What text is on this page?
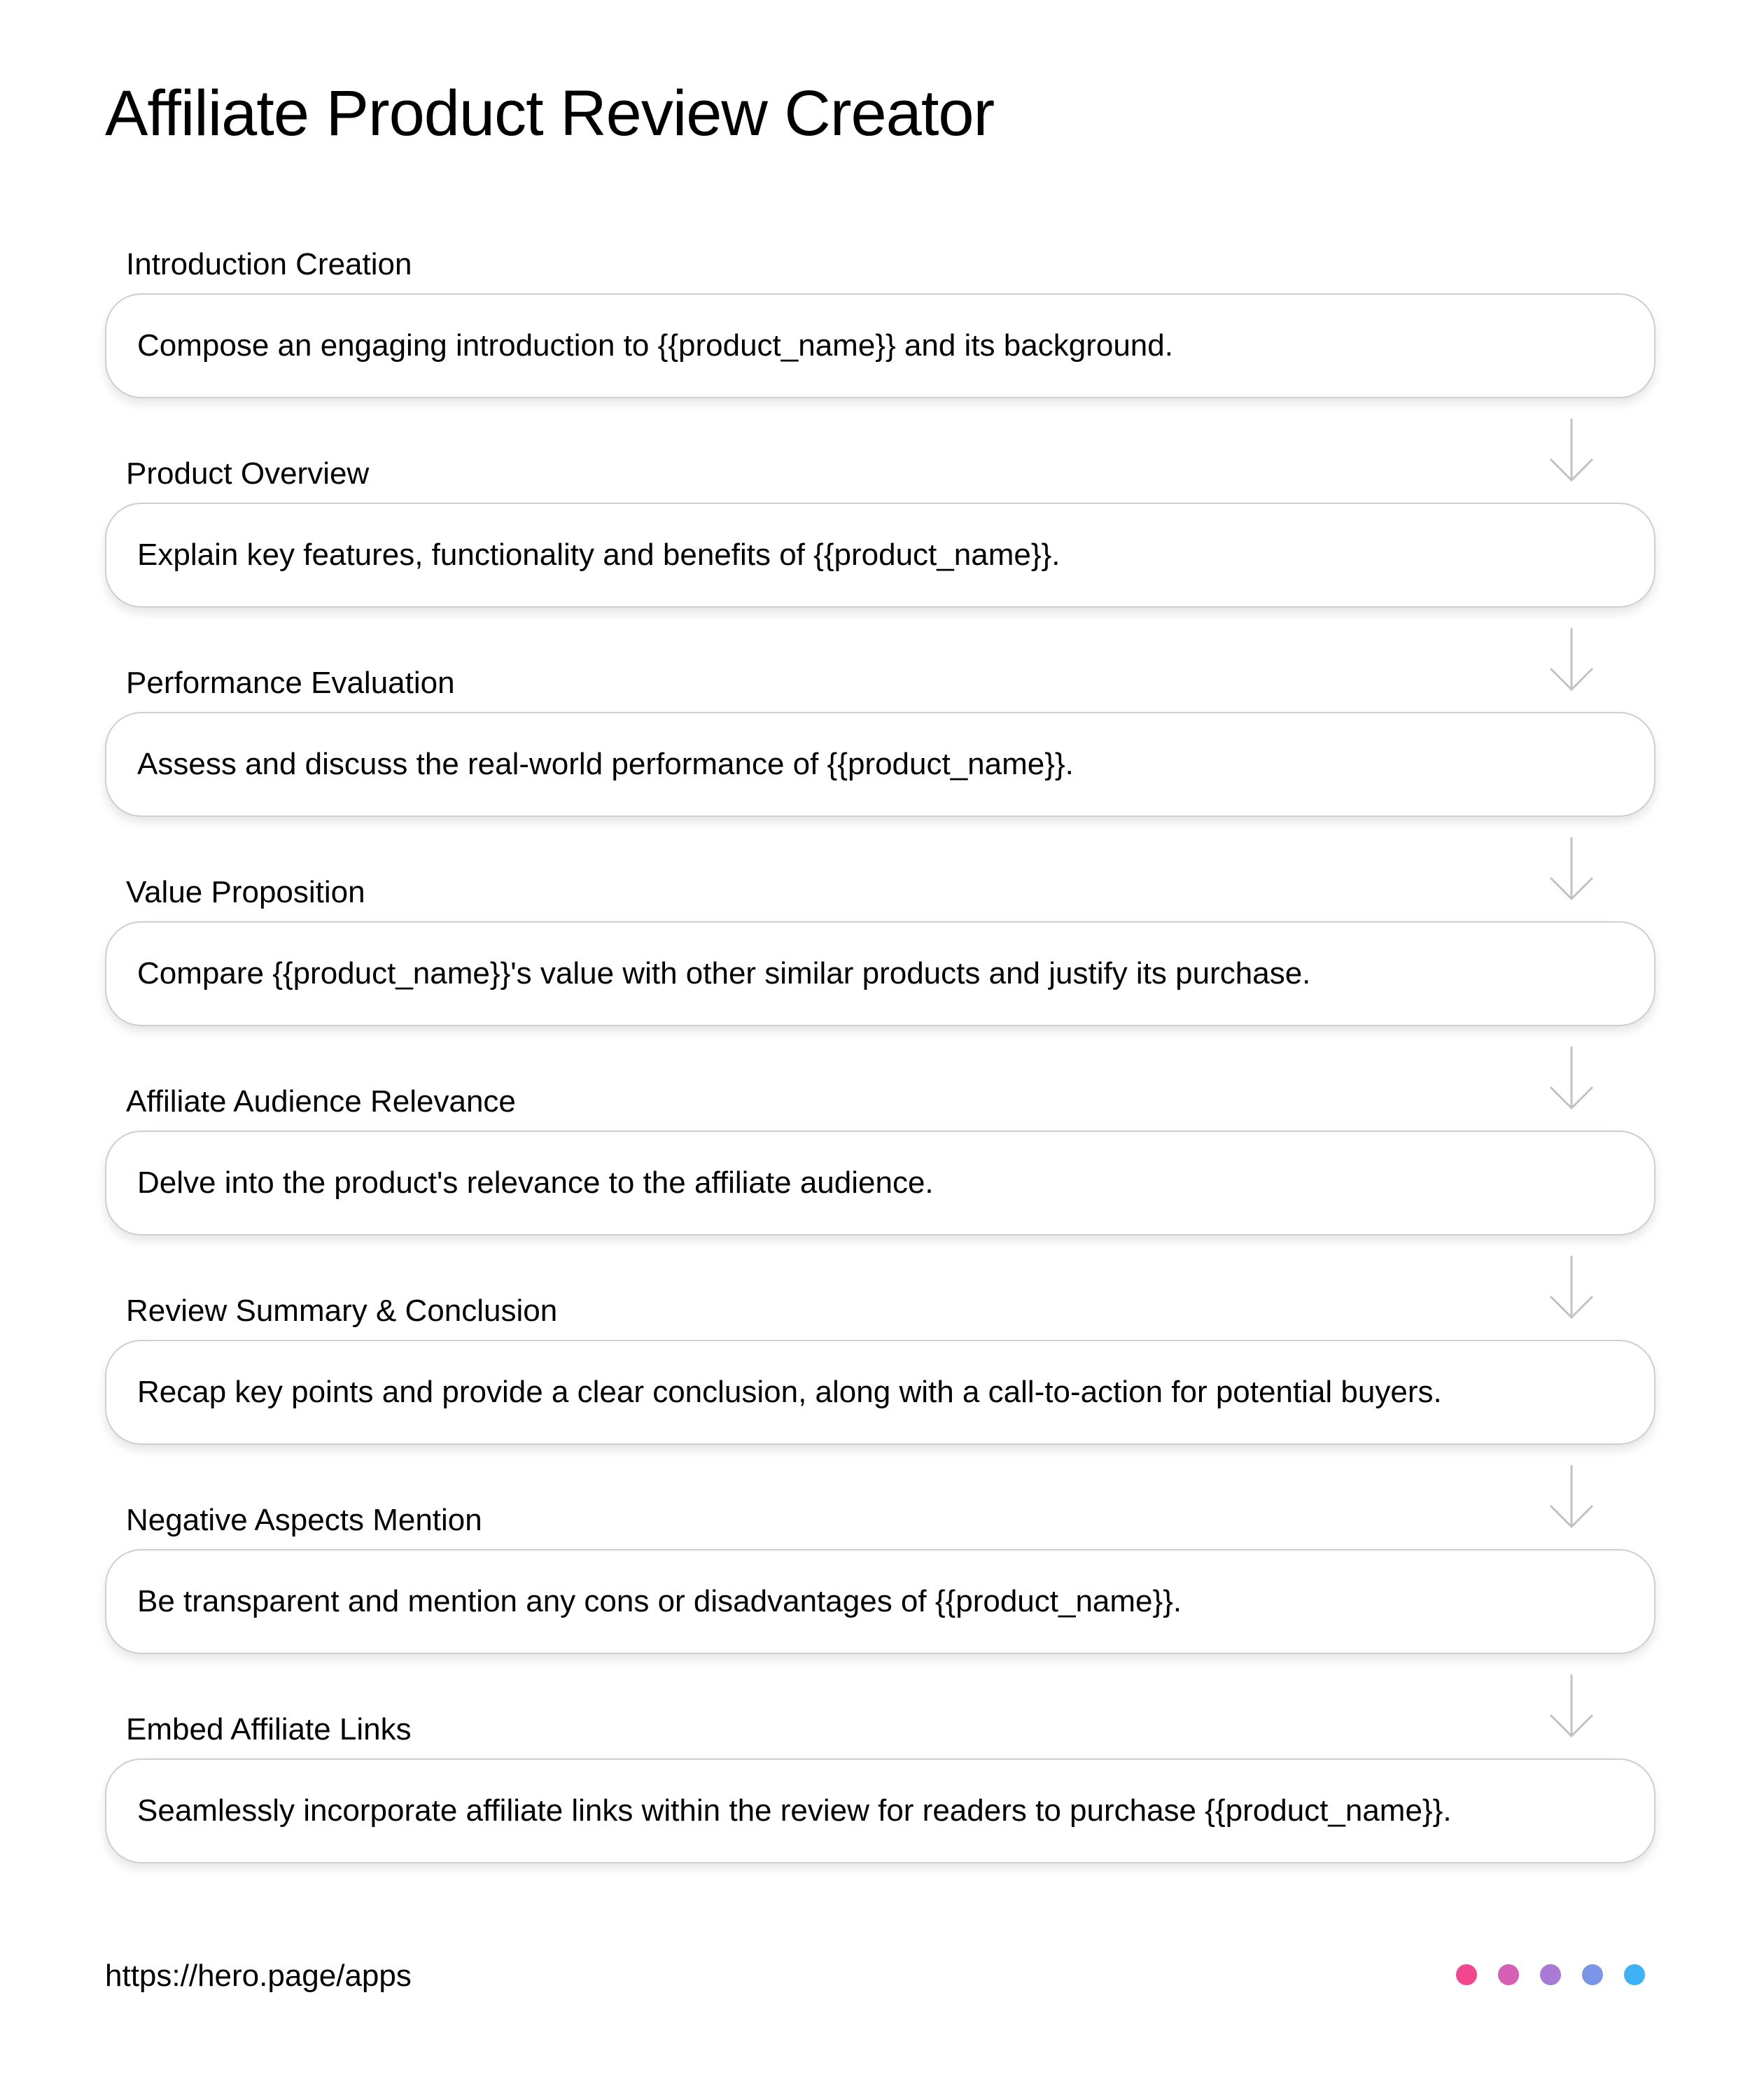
Affiliate Product Review Creator
Introduction Creation
Compose an engaging introduction to {{product_name}} and its background.
Product Overview
Explain key features, functionality and benefits of {{product_name}}.
Performance Evaluation
Assess and discuss the real-world performance of {{product_name}}.
Value Proposition
Compare {{product_name}}'s value with other similar products and justify its purchase.
Affiliate Audience Relevance
Delve into the product's relevance to the affiliate audience.
Review Summary & Conclusion
Recap key points and provide a clear conclusion, along with a call-to-action for potential buyers.
Negative Aspects Mention
Be transparent and mention any cons or disadvantages of {{product_name}}.
Embed Affiliate Links
Seamlessly incorporate affiliate links within the review for readers to purchase {{product_name}}.
https://hero.page/apps
